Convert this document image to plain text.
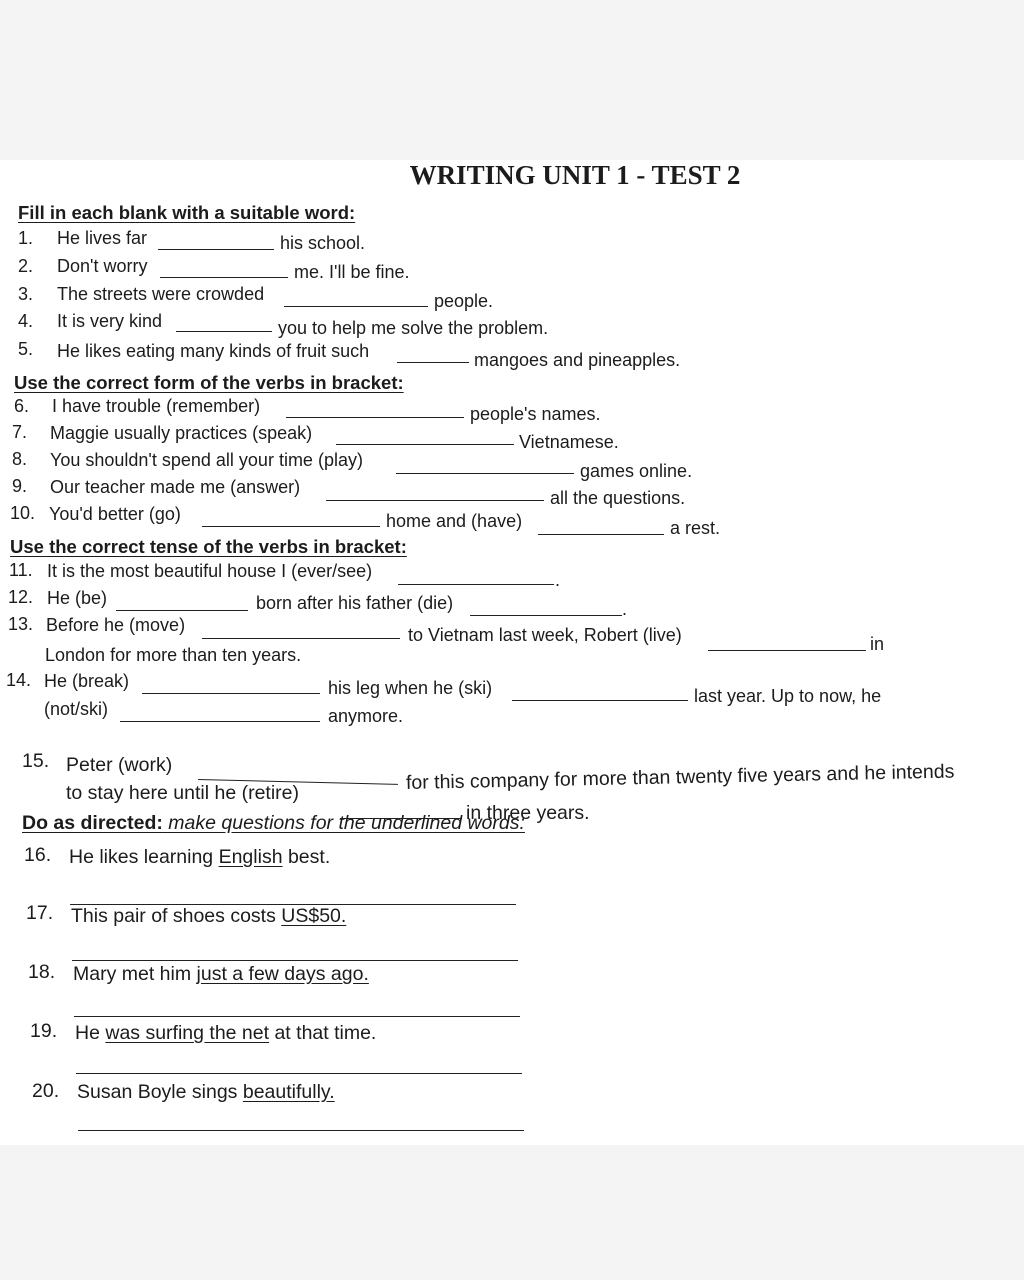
WRITING UNIT 1 - TEST 2
Fill in each blank with a suitable word:
1. He lives far	his school.
2. Don't worry	me. I'll be fine.
3. The streets were crowded	people.
4. It is very kind	you to help me solve the problem.
5. He likes eating many kinds of fruit such	mangoes and pineapples.
Use the correct form of the verbs in bracket:
6. I have trouble (remember)	people's names.
7. Maggie usually practices (speak)	Vietnamese.
8. You shouldn't spend all your time (play)
games online.
9. Our teacher made me (answer)
all the questions.
10. You'd better (go)	home and (have)	a rest.
Use the correct tense of the verbs in bracket:
11. It is the most beautiful house I (ever/see)	.
12. He (be)	born after his father (die)	.
13. Before he (move)	to Vietnam last week, Robert (live)	in
London for more than ten years.
14. He (break)	his leg when he (ski)	last year. Up to now, he
(not/ski)	anymore.
15. Peter (work)	for this company for more than twenty five years and he intends
to stay here until he (retire)
in three years.
Do as directed: make questions for the underlined words:
16. He likes learning English best.
17. This pair of shoes costs US$50.
18. Mary met him just a few days ago.
19. He was surfing the net at that time.
20. Susan Boyle sings beautifully.
